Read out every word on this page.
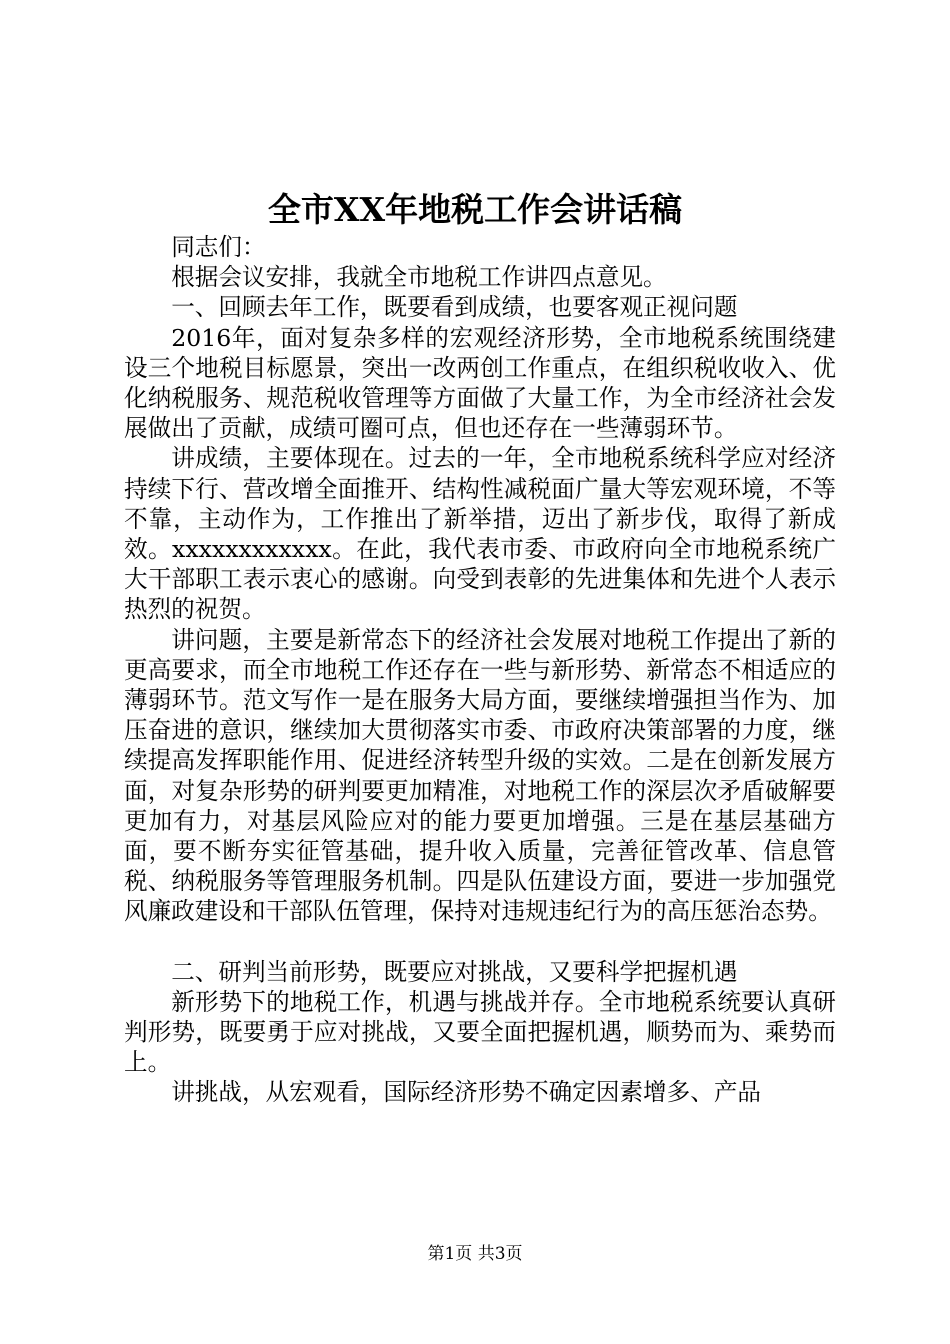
全市XX年地税工作会讲话稿

同志们：

根据会议安排，我就全市地税工作讲四点意见。

一、回顾去年工作，既要看到成绩，也要客观正视问题

2016年，面对复杂多样的宏观经济形势，全市地税系统围绕建设三个地税目标愿景，突出一改两创工作重点，在组织税收收入、优化纳税服务、规范税收管理等方面做了大量工作，为全市经济社会发展做出了贡献，成绩可圈可点，但也还存在一些薄弱环节。

讲成绩，主要体现在。过去的一年，全市地税系统科学应对经济持续下行、营改增全面推开、结构性减税面广量大等宏观环境，不等不靠，主动作为，工作推出了新举措，迈出了新步伐，取得了新成效。xxxxxxxxxxxx。在此，我代表市委、市政府向全市地税系统广大干部职工表示衷心的感谢。向受到表彰的先进集体和先进个人表示热烈的祝贺。

讲问题，主要是新常态下的经济社会发展对地税工作提出了新的更高要求，而全市地税工作还存在一些与新形势、新常态不相适应的薄弱环节。范文写作一是在服务大局方面，要继续增强担当作为、加压奋进的意识，继续加大贯彻落实市委、市政府决策部署的力度，继续提高发挥职能作用、促进经济转型升级的实效。二是在创新发展方面，对复杂形势的研判要更加精准，对地税工作的深层次矛盾破解要更加有力，对基层风险应对的能力要更加增强。三是在基层基础方面，要不断夯实征管基础，提升收入质量，完善征管改革、信息管税、纳税服务等管理服务机制。四是队伍建设方面，要进一步加强党风廉政建设和干部队伍管理，保持对违规违纪行为的高压惩治态势。

二、研判当前形势，既要应对挑战，又要科学把握机遇

新形势下的地税工作，机遇与挑战并存。全市地税系统要认真研判形势，既要勇于应对挑战，又要全面把握机遇，顺势而为、乘势而上。

讲挑战，从宏观看，国际经济形势不确定因素增多、产品

第1页 共3页
